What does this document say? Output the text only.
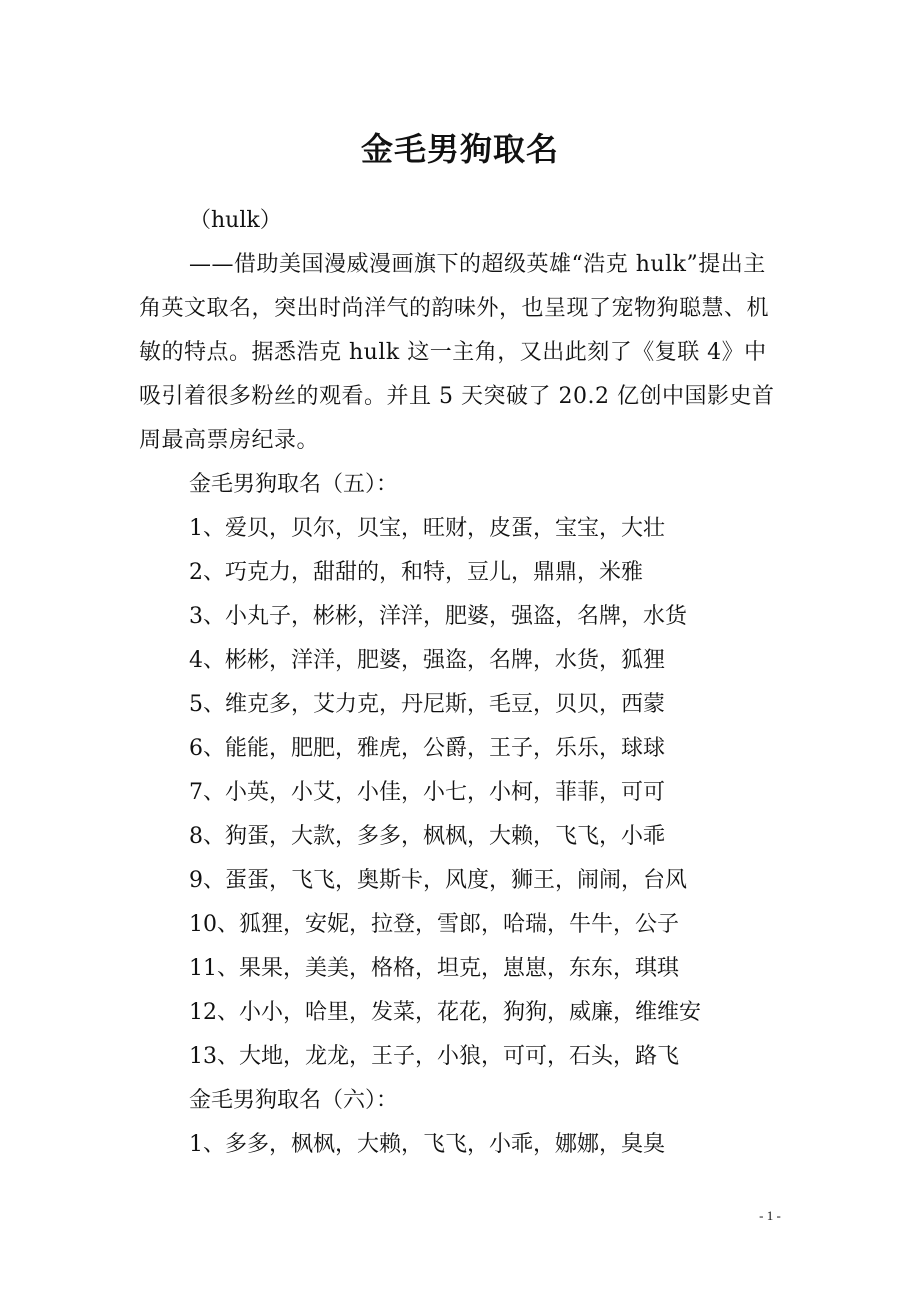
金毛男狗取名

（hulk）

——借助美国漫威漫画旗下的超级英雄“浩克 hulk”提出主角英文取名，突出时尚洋气的韵味外，也呈现了宠物狗聪慧、机敏的特点。据悉浩克 hulk 这一主角，又出此刻了《复联 4》中吸引着很多粉丝的观看。并且 5 天突破了 20.2 亿创中国影史首周最高票房纪录。

金毛男狗取名（五）：

1、爱贝，贝尔，贝宝，旺财，皮蛋，宝宝，大壮

2、巧克力，甜甜的，和特，豆儿，鼎鼎，米雅

3、小丸子，彬彬，洋洋，肥婆，强盗，名牌，水货

4、彬彬，洋洋，肥婆，强盗，名牌，水货，狐狸

5、维克多，艾力克，丹尼斯，毛豆，贝贝，西蒙

6、能能，肥肥，雅虎，公爵，王子，乐乐，球球

7、小英，小艾，小佳，小七，小柯，菲菲，可可

8、狗蛋，大款，多多，枫枫，大赖，飞飞，小乖

9、蛋蛋，飞飞，奥斯卡，风度，狮王，闹闹，台风

10、狐狸，安妮，拉登，雪郎，哈瑞，牛牛，公子

11、果果，美美，格格，坦克，崽崽，东东，琪琪

12、小小，哈里，发菜，花花，狗狗，威廉，维维安

13、大地，龙龙，王子，小狼，可可，石头，路飞

金毛男狗取名（六）：

1、多多，枫枫，大赖，飞飞，小乖，娜娜，臭臭

- 1 -
